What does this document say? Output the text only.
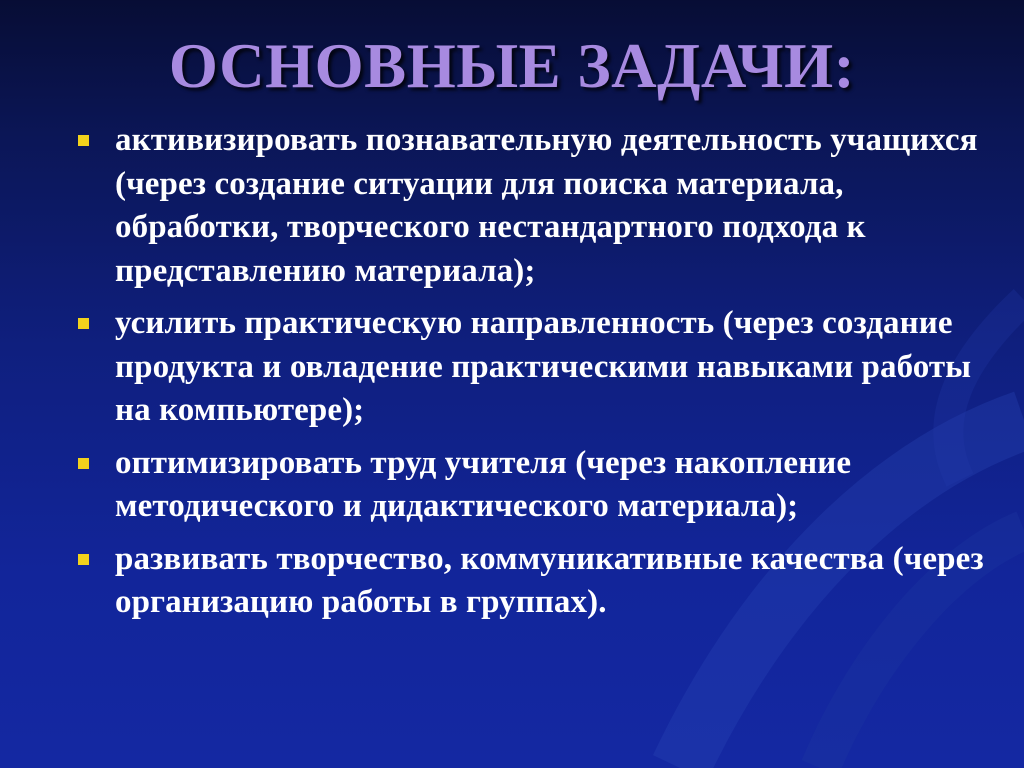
ОСНОВНЫЕ ЗАДАЧИ:
активизировать познавательную деятельность учащихся (через создание ситуации для поиска материала, обработки, творческого нестандартного подхода к представлению материала);
усилить практическую направленность (через создание продукта и овладение практическими навыками работы на компьютере);
оптимизировать труд учителя (через накопление методического и дидактического материала);
развивать творчество, коммуникативные качества (через организацию работы в группах).
